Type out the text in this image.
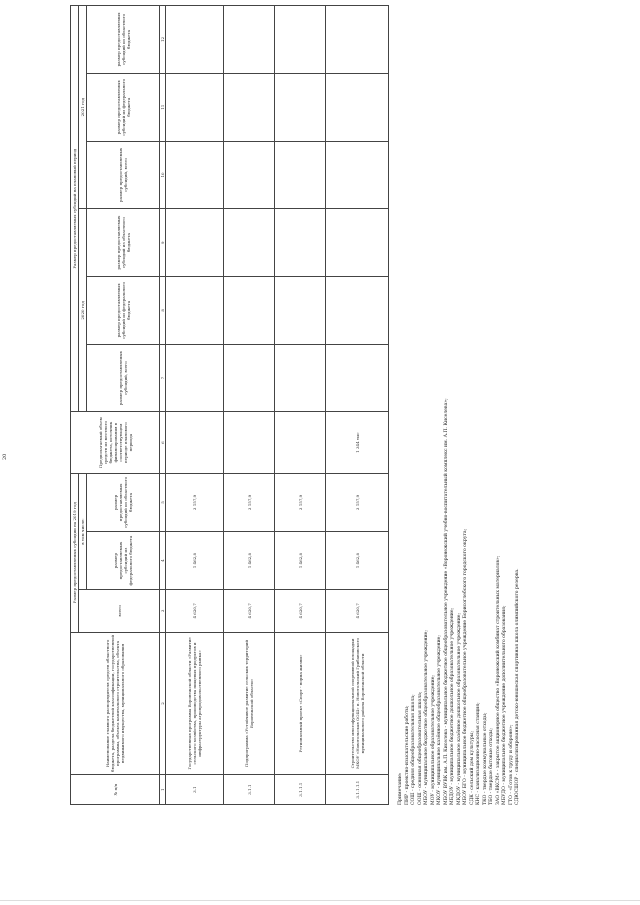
20
№ п/п	Наименование главного распорядителя средств областного бюджета, раздела бюджетной классификации, государственной программы, объекта капитального строительства, объекта недвижимого имущества, муниципального образования	Размер предоставляемых субсидии на 2019 год			Предполагаемый объем средств из местного бюджета, источник финансирования в соответствующем периоде планового периода	Размер предоставляемых субсидий на плановый период					
		всего	в том числе:			2020 год			2021 год		
			размер предоставляемых субсидий из федерального бюджета	размер предоставляемых субсидий из областного бюджета		размер предоставляемых субсидий, всего	размер предоставляемых субсидий из федерального бюджета	размер предоставляемых субсидий из областного бюджета	размер предоставляемых субсидий, всего	размер предоставляемых субсидий из федерального бюджета	размер предоставляемых субсидий из областного бюджета

1	2	3	4	5	6	7	8	9	10	11	12
3.1	Государственная программа Воронежской области «Развитие сельского хозяйства, производства пищевых продуктов и инфраструктуры агропродовольственного рынка»	4 620,7	1 462,8	3 157,9							
3.1.1	Подпрограмма «Устойчивое развитие сельских территорий Воронежской области»	4 620,7	1 462,8	3 157,9							
3.1.1.1	Региональный проект «Спорт - норма жизни»	4 620,7	1 462,8	3 157,9							
3.1.1.1.1	Строительство многофункциональной спортивной площадки МКОУ «Новотольская ООШ» п. Новотольский Грибановского муниципального района Воронежской области	4 620,7	1 462,8	3 157,9	1 344 тыс						
Примечание: ПИР - проектно-изыскательские работы; СОШ - средняя общеобразовательная школа; ООШ - основная общеобразовательная школа; МБОУ - муниципальное бюджетное общеобразовательное учреждение; МОУ - муниципальное образовательное учреждение; МКОУ - муниципальное казённое общеобразовательное учреждение; МБОУ ВУВК им. А.П. Киселева - муниципальное бюджетное общеобразовательное учреждение «Воронежский учебно-воспитательный комплекс им. А.П. Киселева»; МБДОУ - муниципальное бюджетное дошкольное образовательное учреждение; МКДОУ - муниципальное казённое дошкольное образовательное учреждение; МБОУ БГО - муниципальное бюджетное общеобразовательное учреждение Борисоглебского городского округа; СДК - сельский дом культуры; КНС - канализационно-насосная станция; ТКО - твердые коммунальные отходы; ТБО - твердые бытовые отходы; ЗАО «ВКСМ» - закрытое акционерное общество «Воронежский комбинат строительных материалов»; МБУДО - муниципальное бюджетное учреждение дополнительного образования; ГТО - «Готов к труду и обороне»; СДЮСШОР - специализированная детско-юношеская спортивная школа олимпийского резерва.
